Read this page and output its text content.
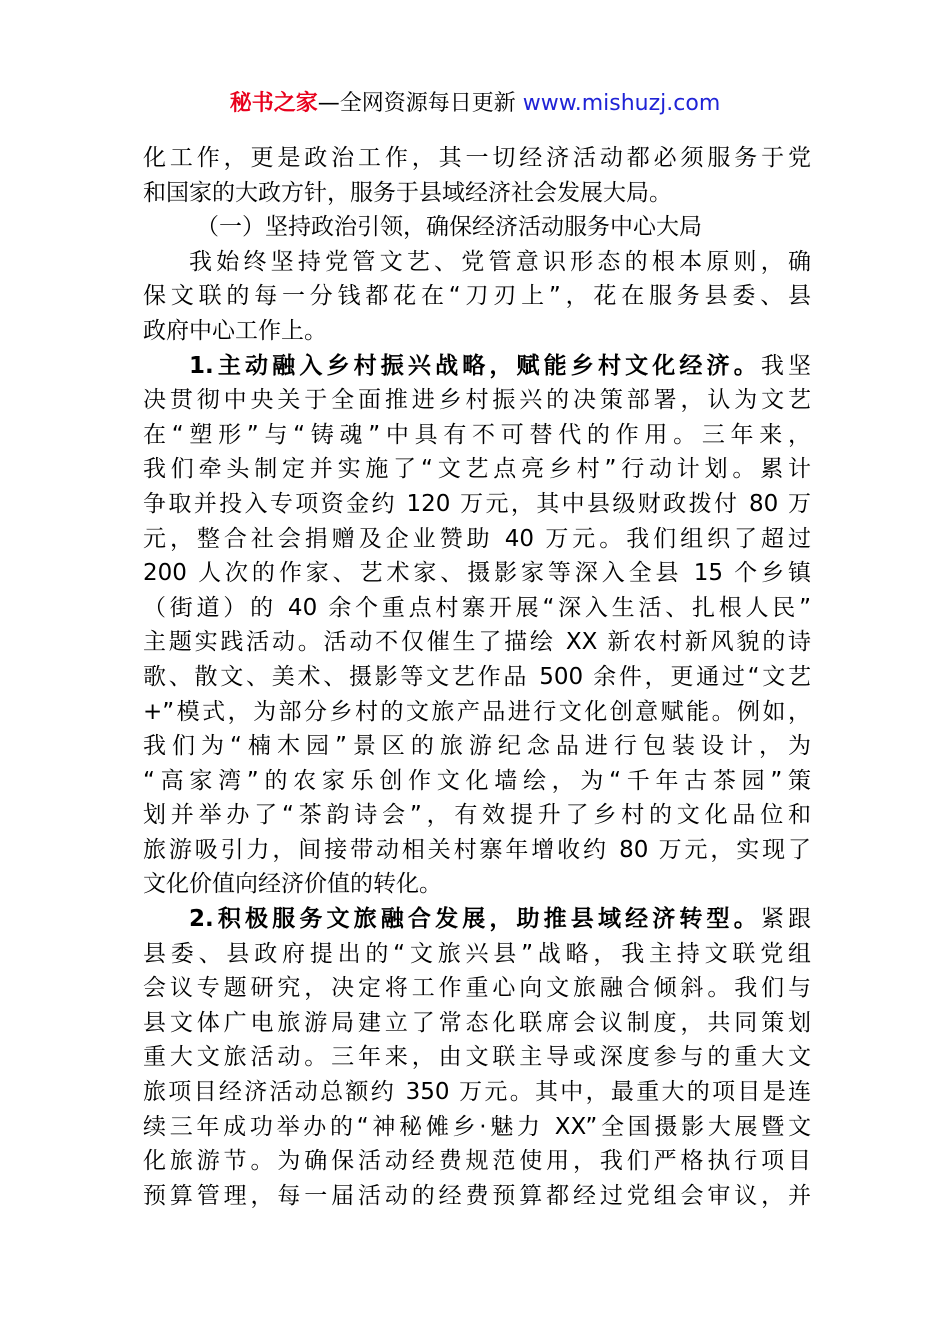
秘书之家—全网资源每日更新 www.mishuzj.com
化工作，更是政治工作，其一切经济活动都必须服务于党
和国家的大政方针，服务于县域经济社会发展大局。
（一）坚持政治引领，确保经济活动服务中心大局
我始终坚持党管文艺、党管意识形态的根本原则，确
保文联的每一分钱都花在“刀刃上”，花在服务县委、县
政府中心工作上。
1.主动融入乡村振兴战略，赋能乡村文化经济。我坚
决贯彻中央关于全面推进乡村振兴的决策部署，认为文艺
在“塑形”与“铸魂”中具有不可替代的作用。三年来，
我们牵头制定并实施了“文艺点亮乡村”行动计划。累计
争取并投入专项资金约 120 万元，其中县级财政拨付 80 万
元，整合社会捐赠及企业赞助 40 万元。我们组织了超过
200 人次的作家、艺术家、摄影家等深入全县 15 个乡镇
（街道）的 40 余个重点村寨开展“深入生活、扎根人民”
主题实践活动。活动不仅催生了描绘 XX 新农村新风貌的诗
歌、散文、美术、摄影等文艺作品 500 余件，更通过“文艺
+”模式，为部分乡村的文旅产品进行文化创意赋能。例如，
我们为“楠木园”景区的旅游纪念品进行包装设计，为
“高家湾”的农家乐创作文化墙绘，为“千年古茶园”策
划并举办了“茶韵诗会”，有效提升了乡村的文化品位和
旅游吸引力，间接带动相关村寨年增收约 80 万元，实现了
文化价值向经济价值的转化。
2.积极服务文旅融合发展，助推县域经济转型。紧跟
县委、县政府提出的“文旅兴县”战略，我主持文联党组
会议专题研究，决定将工作重心向文旅融合倾斜。我们与
县文体广电旅游局建立了常态化联席会议制度，共同策划
重大文旅活动。三年来，由文联主导或深度参与的重大文
旅项目经济活动总额约 350 万元。其中，最重大的项目是连
续三年成功举办的“神秘傩乡·魅力 XX”全国摄影大展暨文
化旅游节。为确保活动经费规范使用，我们严格执行项目
预算管理，每一届活动的经费预算都经过党组会审议，并
